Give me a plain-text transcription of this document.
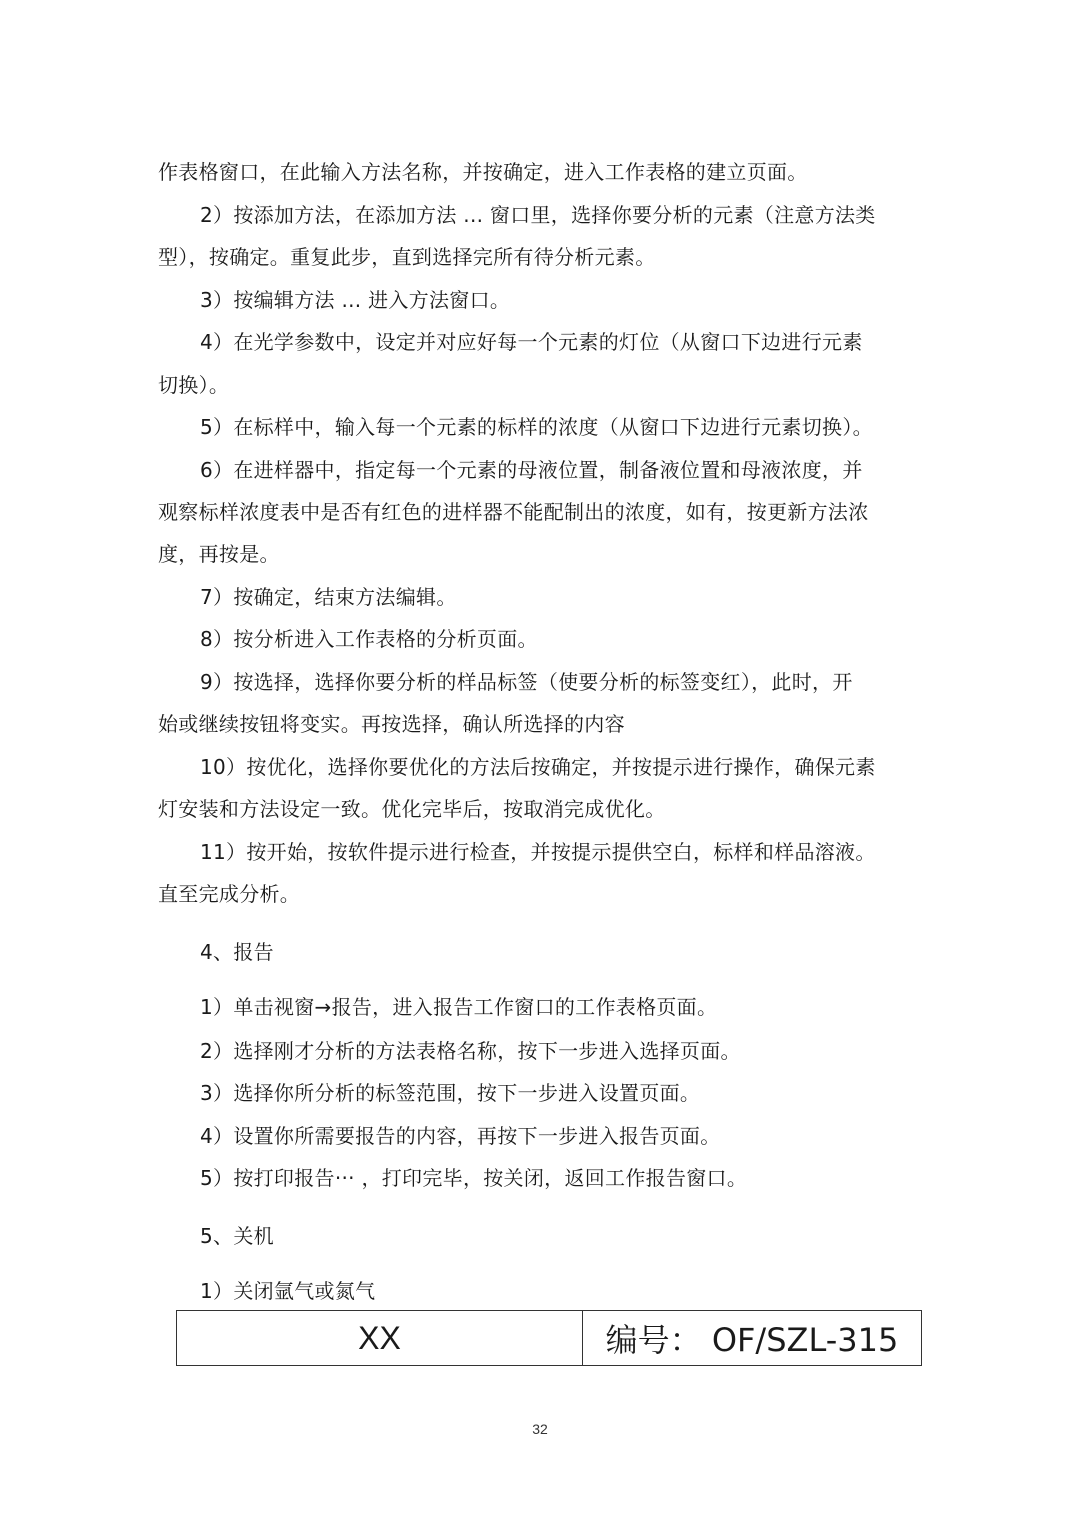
作表格窗口，在此输入方法名称，并按确定，进入工作表格的建立页面。
2）按添加方法，在添加方法 ... 窗口里，选择你要分析的元素（注意方法类
型），按确定。重复此步，直到选择完所有待分析元素。
3）按编辑方法 ... 进入方法窗口。
4）在光学参数中，设定并对应好每一个元素的灯位（从窗口下边进行元素
切换）。
5）在标样中，输入每一个元素的标样的浓度（从窗口下边进行元素切换）。
6）在进样器中，指定每一个元素的母液位置，制备液位置和母液浓度，并
观察标样浓度表中是否有红色的进样器不能配制出的浓度，如有，按更新方法浓
度，再按是。
7）按确定，结束方法编辑。
8）按分析进入工作表格的分析页面。
9）按选择，选择你要分析的样品标签（使要分析的标签变红），此时，开
始或继续按钮将变实。再按选择，确认所选择的内容
10）按优化，选择你要优化的方法后按确定，并按提示进行操作，确保元素
灯安装和方法设定一致。优化完毕后，按取消完成优化。
11）按开始，按软件提示进行检查，并按提示提供空白，标样和样品溶液。
直至完成分析。
4、报告
1）单击视窗→报告，进入报告工作窗口的工作表格页面。
2）选择刚才分析的方法表格名称，按下一步进入选择页面。
3）选择你所分析的标签范围，按下一步进入设置页面。
4）设置你所需要报告的内容，再按下一步进入报告页面。
5）按打印报告··· ，打印完毕，按关闭，返回工作报告窗口。
5、关机
1）关闭氩气或氮气
XX	编号： OF/SZL-315
32
